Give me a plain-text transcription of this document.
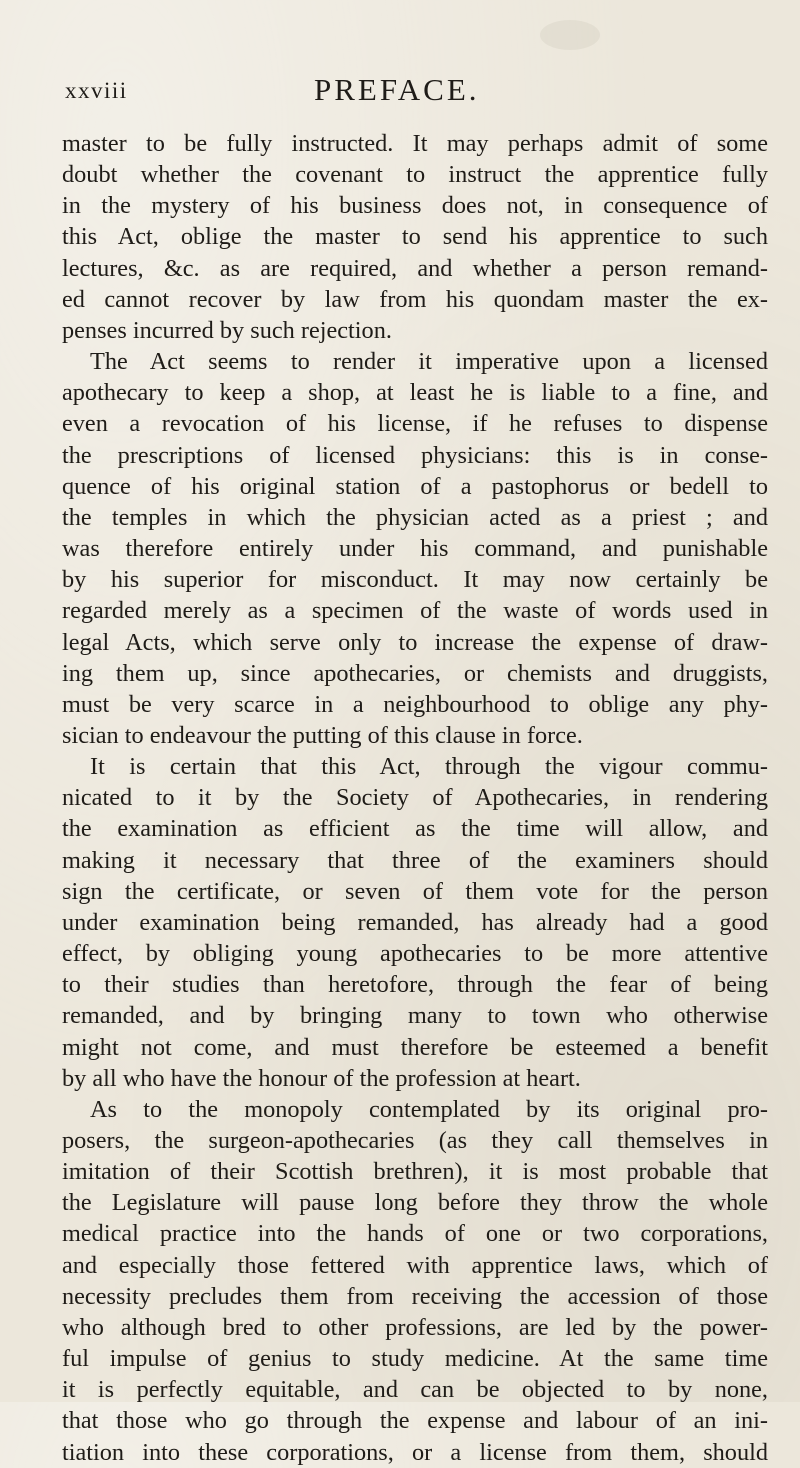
xxviii	PREFACE.
master to be fully instructed. It may perhaps admit of some
doubt whether the covenant to instruct the apprentice fully
in the mystery of his business does not, in consequence of
this Act, oblige the master to send his apprentice to such
lectures, &c. as are required, and whether a person remand-
ed cannot recover by law from his quondam master the ex-
penses incurred by such rejection.
The Act seems to render it imperative upon a licensed
apothecary to keep a shop, at least he is liable to a fine, and
even a revocation of his license, if he refuses to dispense
the prescriptions of licensed physicians: this is in conse-
quence of his original station of a pastophorus or bedell to
the temples in which the physician acted as a priest ; and
was therefore entirely under his command, and punishable
by his superior for misconduct. It may now certainly be
regarded merely as a specimen of the waste of words used in
legal Acts, which serve only to increase the expense of draw-
ing them up, since apothecaries, or chemists and druggists,
must be very scarce in a neighbourhood to oblige any phy-
sician to endeavour the putting of this clause in force.
It is certain that this Act, through the vigour commu-
nicated to it by the Society of Apothecaries, in rendering
the examination as efficient as the time will allow, and
making it necessary that three of the examiners should
sign the certificate, or seven of them vote for the person
under examination being remanded, has already had a good
effect, by obliging young apothecaries to be more attentive
to their studies than heretofore, through the fear of being
remanded, and by bringing many to town who otherwise
might not come, and must therefore be esteemed a benefit
by all who have the honour of the profession at heart.
As to the monopoly contemplated by its original pro-
posers, the surgeon-apothecaries (as they call themselves in
imitation of their Scottish brethren), it is most probable that
the Legislature will pause long before they throw the whole
medical practice into the hands of one or two corporations,
and especially those fettered with apprentice laws, which of
necessity precludes them from receiving the accession of those
who although bred to other professions, are led by the power-
ful impulse of genius to study medicine. At the same time
it is perfectly equitable, and can be objected to by none,
that those who go through the expense and labour of an ini-
tiation into these corporations, or a license from them, should
